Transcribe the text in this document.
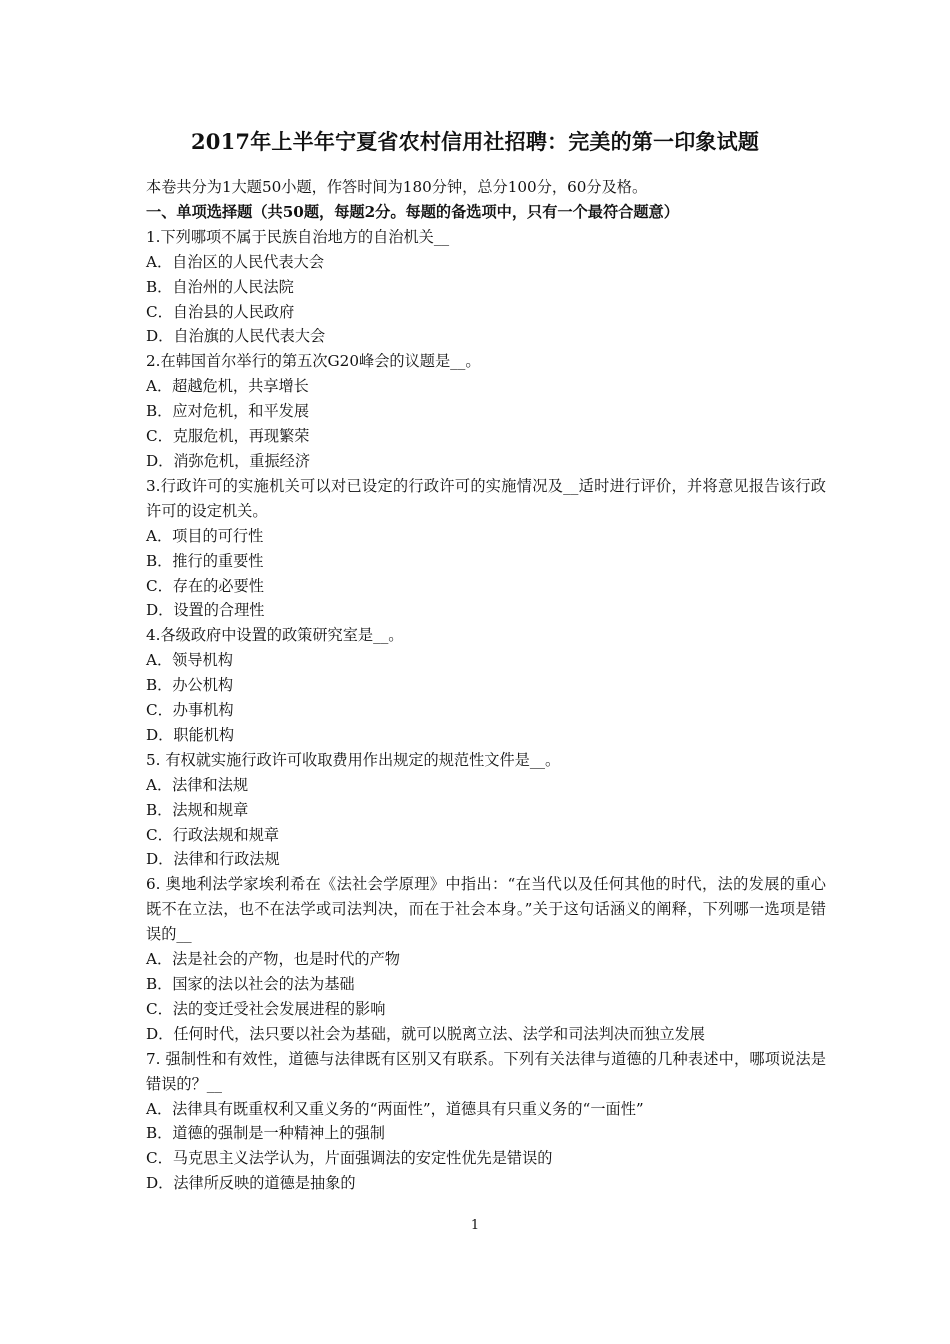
2017年上半年宁夏省农村信用社招聘：完美的第一印象试题
本卷共分为1大题50小题，作答时间为180分钟，总分100分，60分及格。
一、单项选择题（共50题，每题2分。每题的备选项中，只有一个最符合题意）
1.下列哪项不属于民族自治地方的自治机关__
A．自治区的人民代表大会
B．自治州的人民法院
C．自治县的人民政府
D．自治旗的人民代表大会
2.在韩国首尔举行的第五次G20峰会的议题是__。
A．超越危机，共享增长
B．应对危机，和平发展
C．克服危机，再现繁荣
D．消弥危机，重振经济
3.行政许可的实施机关可以对已设定的行政许可的实施情况及__适时进行评价，并将意见报告该行政许可的设定机关。
A．项目的可行性
B．推行的重要性
C．存在的必要性
D．设置的合理性
4.各级政府中设置的政策研究室是__。
A．领导机构
B．办公机构
C．办事机构
D．职能机构
5. 有权就实施行政许可收取费用作出规定的规范性文件是__。
A．法律和法规
B．法规和规章
C．行政法规和规章
D．法律和行政法规
6. 奥地利法学家埃利希在《法社会学原理》中指出：“在当代以及任何其他的时代，法的发展的重心既不在立法，也不在法学或司法判决，而在于社会本身。”关于这句话涵义的阐释，下列哪一选项是错误的__
A．法是社会的产物，也是时代的产物
B．国家的法以社会的法为基础
C．法的变迁受社会发展进程的影响
D．任何时代，法只要以社会为基础，就可以脱离立法、法学和司法判决而独立发展
7. 强制性和有效性，道德与法律既有区别又有联系。下列有关法律与道德的几种表述中，哪项说法是错误的？__
A．法律具有既重权利又重义务的“两面性”，道德具有只重义务的“一面性”
B．道德的强制是一种精神上的强制
C．马克思主义法学认为，片面强调法的安定性优先是错误的
D．法律所反映的道德是抽象的
1
